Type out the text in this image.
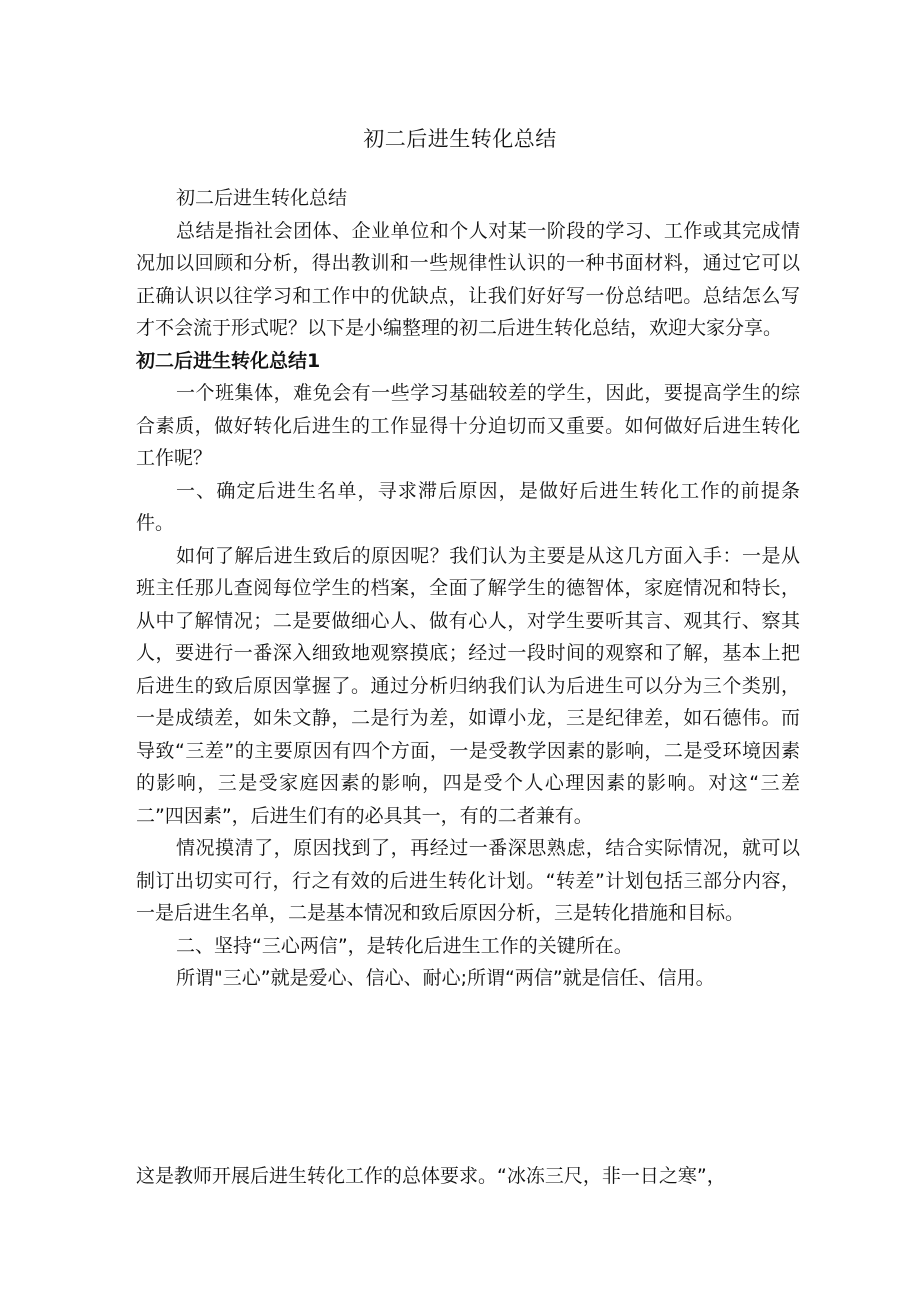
初二后进生转化总结

初二后进生转化总结

总结是指社会团体、企业单位和个人对某一阶段的学习、工作或其完成情况加以回顾和分析，得出教训和一些规律性认识的一种书面材料，通过它可以正确认识以往学习和工作中的优缺点，让我们好好写一份总结吧。总结怎么写才不会流于形式呢？以下是小编整理的初二后进生转化总结，欢迎大家分享。

初二后进生转化总结1

一个班集体，难免会有一些学习基础较差的学生，因此，要提高学生的综合素质，做好转化后进生的工作显得十分迫切而又重要。如何做好后进生转化工作呢？

一、确定后进生名单，寻求滞后原因，是做好后进生转化工作的前提条件。

如何了解后进生致后的原因呢？我们认为主要是从这几方面入手：一是从班主任那儿查阅每位学生的档案，全面了解学生的德智体，家庭情况和特长，从中了解情况；二是要做细心人、做有心人，对学生要听其言、观其行、察其人，要进行一番深入细致地观察摸底；经过一段时间的观察和了解，基本上把后进生的致后原因掌握了。通过分析归纳我们认为后进生可以分为三个类别，一是成绩差，如朱文静，二是行为差，如谭小龙，三是纪律差，如石德伟。而导致“三差”的主要原因有四个方面，一是受教学因素的影响，二是受环境因素的影响，三是受家庭因素的影响，四是受个人心理因素的影响。对这“三差二”四因素”，后进生们有的必具其一，有的二者兼有。

情况摸清了，原因找到了，再经过一番深思熟虑，结合实际情况，就可以制订出切实可行，行之有效的后进生转化计划。“转差”计划包括三部分内容，一是后进生名单，二是基本情况和致后原因分析，三是转化措施和目标。

二、坚持“三心两信”，是转化后进生工作的关键所在。

所谓"三心”就是爱心、信心、耐心;所谓“两信”就是信任、信用。

这是教师开展后进生转化工作的总体要求。“冰冻三尺，非一日之寒”，
